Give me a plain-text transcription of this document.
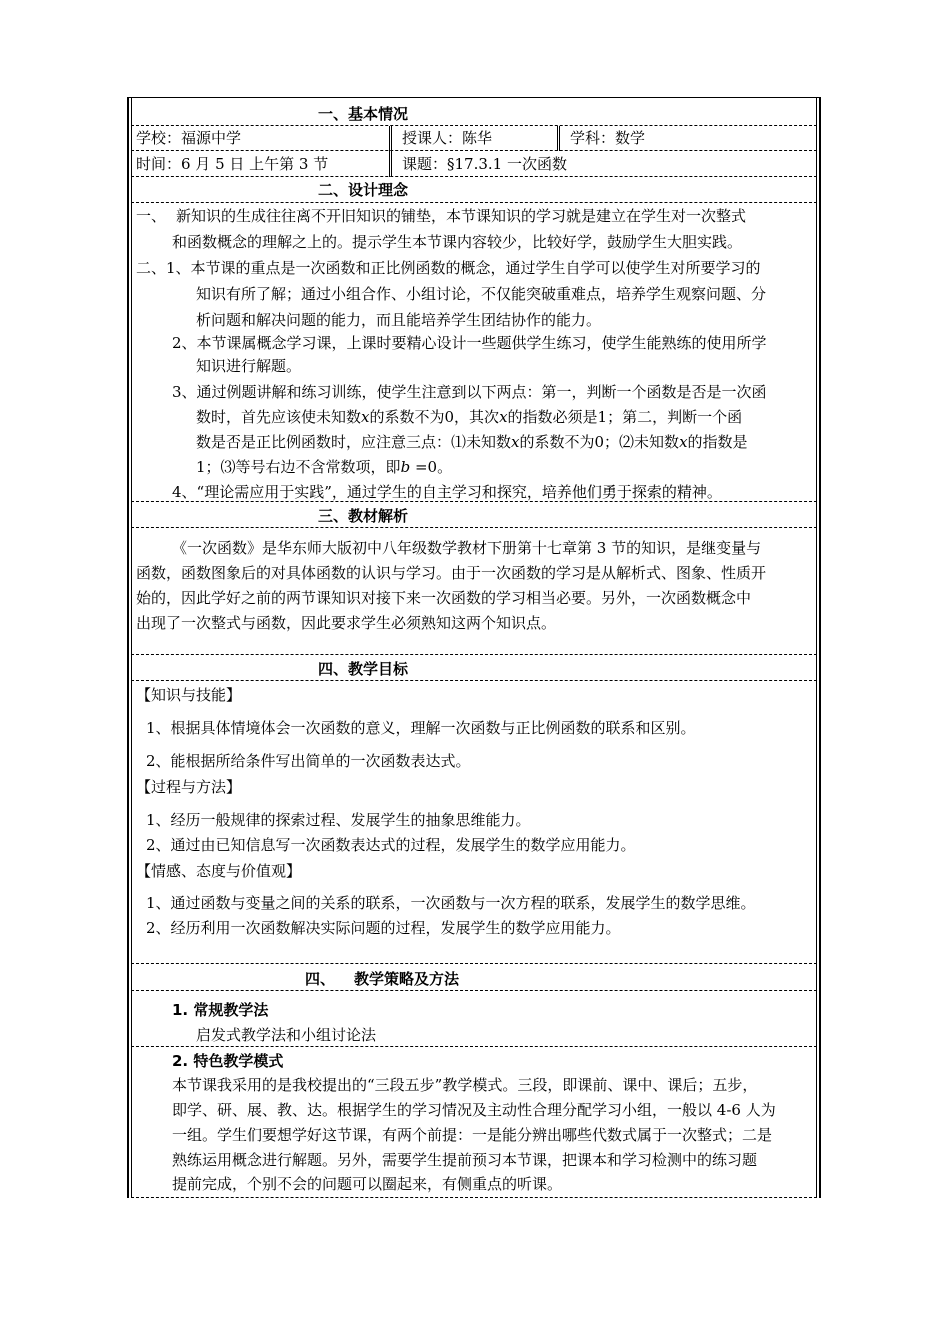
一、基本情况
学校：福源中学	授课人：陈华	学科：数学
时间：6 月 5 日 上午第 3 节	课题：§17.3.1 一次函数
二、设计理念
一、 新知识的生成往往离不开旧知识的铺垫，本节课知识的学习就是建立在学生对一次整式
和函数概念的理解之上的。提示学生本节课内容较少，比较好学，鼓励学生大胆实践。
二、1、本节课的重点是一次函数和正比例函数的概念，通过学生自学可以使学生对所要学习的
知识有所了解；通过小组合作、小组讨论，不仅能突破重难点，培养学生观察问题、分
析问题和解决问题的能力，而且能培养学生团结协作的能力。
2、本节课属概念学习课，上课时要精心设计一些题供学生练习，使学生能熟练的使用所学
知识进行解题。
3、通过例题讲解和练习训练，使学生注意到以下两点：第一，判断一个函数是否是一次函
数时，首先应该使未知数x的系数不为0，其次x的指数必须是1；第二，判断一个函
数是否是正比例函数时，应注意三点：⑴未知数x的系数不为0；⑵未知数x的指数是
1；⑶等号右边不含常数项，即b =0。
4、“理论需应用于实践”，通过学生的自主学习和探究，培养他们勇于探索的精神。
三、教材解析
《一次函数》是华东师大版初中八年级数学教材下册第十七章第 3 节的知识，是继变量与
函数，函数图象后的对具体函数的认识与学习。由于一次函数的学习是从解析式、图象、性质开
始的，因此学好之前的两节课知识对接下来一次函数的学习相当必要。另外，一次函数概念中
出现了一次整式与函数，因此要求学生必须熟知这两个知识点。
四、教学目标
【知识与技能】
1、根据具体情境体会一次函数的意义，理解一次函数与正比例函数的联系和区别。
2、能根据所给条件写出简单的一次函数表达式。
【过程与方法】
1、经历一般规律的探索过程、发展学生的抽象思维能力。
2、通过由已知信息写一次函数表达式的过程，发展学生的数学应用能力。
【情感、态度与价值观】
1、通过函数与变量之间的关系的联系，一次函数与一次方程的联系，发展学生的数学思维。
2、经历利用一次函数解决实际问题的过程，发展学生的数学应用能力。
四、 教学策略及方法
1. 常规教学法
启发式教学法和小组讨论法
2. 特色教学模式
本节课我采用的是我校提出的“三段五步”教学模式。三段，即课前、课中、课后；五步，
即学、研、展、教、达。根据学生的学习情况及主动性合理分配学习小组，一般以 4-6 人为
一组。学生们要想学好这节课，有两个前提：一是能分辨出哪些代数式属于一次整式；二是
熟练运用概念进行解题。另外，需要学生提前预习本节课，把课本和学习检测中的练习题
提前完成，个别不会的问题可以圈起来，有侧重点的听课。
